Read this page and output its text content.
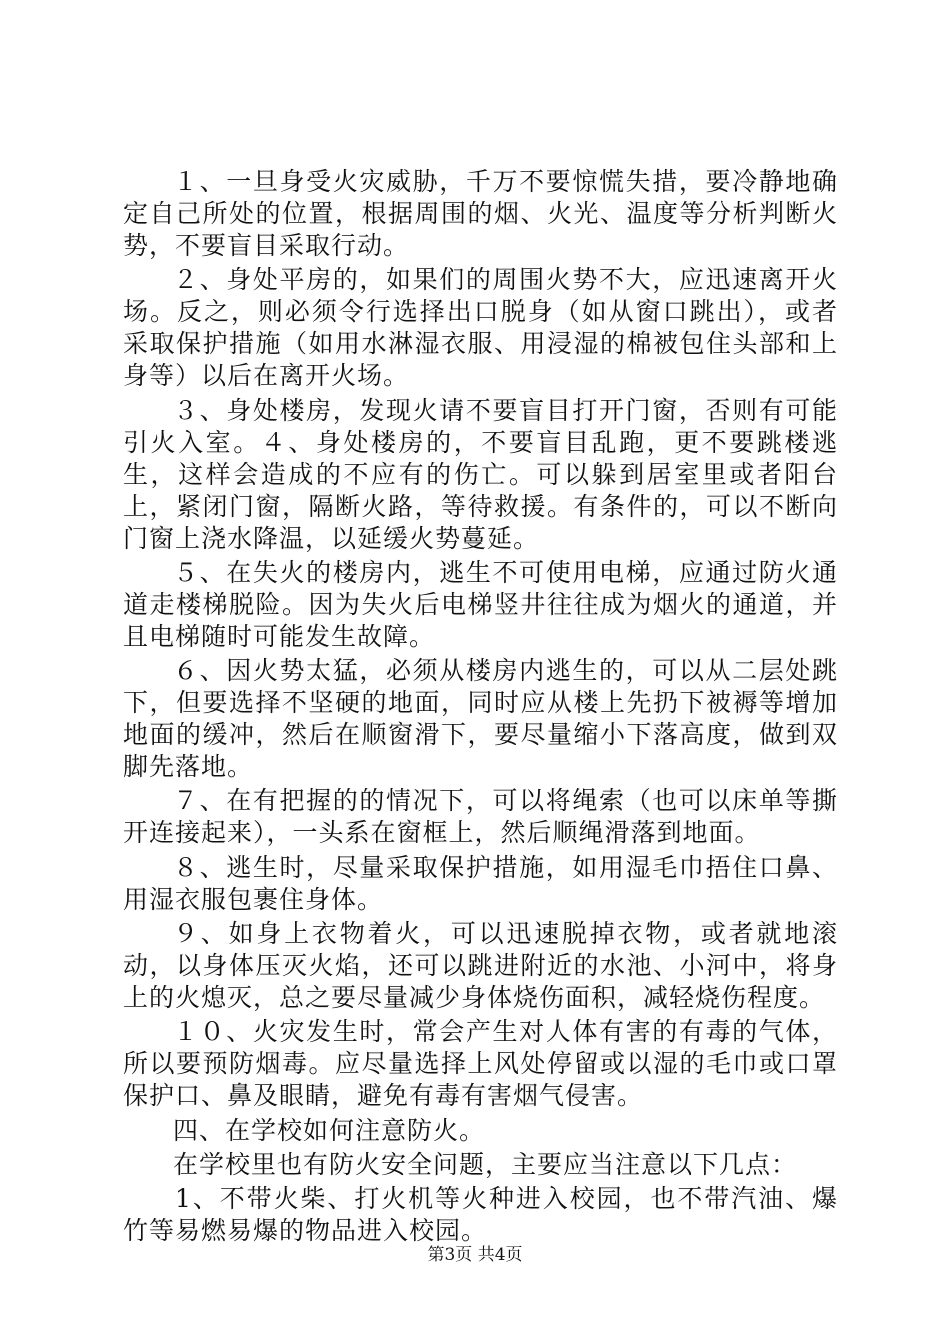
１、一旦身受火灾威胁，千万不要惊慌失措，要冷静地确定自己所处的位置，根据周围的烟、火光、温度等分析判断火势，不要盲目采取行动。

２、身处平房的，如果们的周围火势不大，应迅速离开火场。反之，则必须令行选择出口脱身（如从窗口跳出），或者采取保护措施（如用水淋湿衣服、用浸湿的棉被包住头部和上身等）以后在离开火场。

３、身处楼房，发现火请不要盲目打开门窗，否则有可能引火入室。４、身处楼房的，不要盲目乱跑，更不要跳楼逃生，这样会造成的不应有的伤亡。可以躲到居室里或者阳台上，紧闭门窗，隔断火路，等待救援。有条件的，可以不断向门窗上浇水降温，以延缓火势蔓延。

５、在失火的楼房内，逃生不可使用电梯，应通过防火通道走楼梯脱险。因为失火后电梯竖井往往成为烟火的通道，并且电梯随时可能发生故障。

６、因火势太猛，必须从楼房内逃生的，可以从二层处跳下，但要选择不坚硬的地面，同时应从楼上先扔下被褥等增加地面的缓冲，然后在顺窗滑下，要尽量缩小下落高度，做到双脚先落地。

７、在有把握的的情况下，可以将绳索（也可以床单等撕开连接起来），一头系在窗框上，然后顺绳滑落到地面。

８、逃生时，尽量采取保护措施，如用湿毛巾捂住口鼻、用湿衣服包裹住身体。

９、如身上衣物着火，可以迅速脱掉衣物，或者就地滚动，以身体压灭火焰，还可以跳进附近的水池、小河中，将身上的火熄灭，总之要尽量减少身体烧伤面积，减轻烧伤程度。

１０、火灾发生时，常会产生对人体有害的有毒的气体，所以要预防烟毒。应尽量选择上风处停留或以湿的毛巾或口罩保护口、鼻及眼睛，避免有毒有害烟气侵害。

四、在学校如何注意防火。

在学校里也有防火安全问题，主要应当注意以下几点：

1、不带火柴、打火机等火种进入校园，也不带汽油、爆竹等易燃易爆的物品进入校园。

第3页 共4页
